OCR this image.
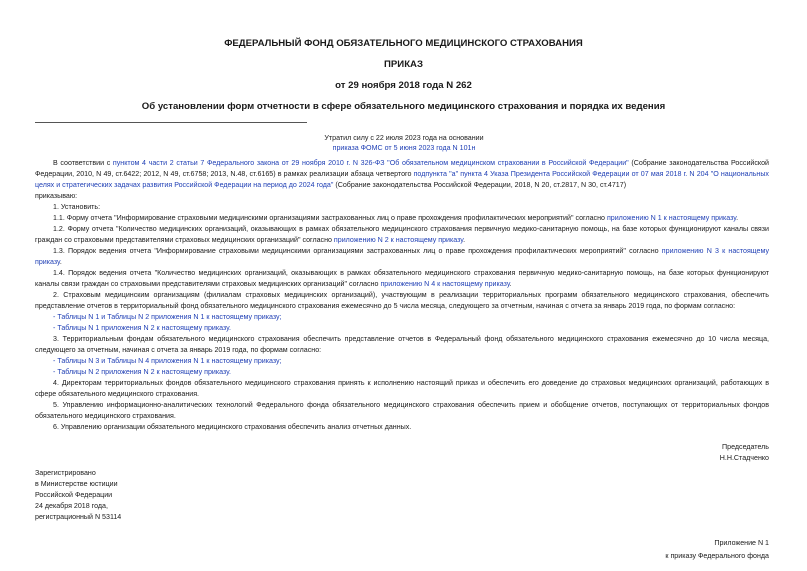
ФЕДЕРАЛЬНЫЙ ФОНД ОБЯЗАТЕЛЬНОГО МЕДИЦИНСКОГО СТРАХОВАНИЯ
ПРИКАЗ
от 29 ноября 2018 года N 262
Об установлении форм отчетности в сфере обязательного медицинского страхования и порядка их ведения
Утратил силу с 22 июля 2023 года на основании
приказа ФОМС от 5 июня 2023 года N 101н
В соответствии с пунктом 4 части 2 статьи 7 Федерального закона от 29 ноября 2010 г. N 326-ФЗ "Об обязательном медицинском страховании в Российской Федерации" (Собрание законодательства Российской Федерации, 2010, N 49, ст.6422; 2012, N 49, ст.6758; 2013, N.48, ст.6165) в рамках реализации абзаца четвертого подпункта "а" пункта 4 Указа Президента Российской Федерации от 07 мая 2018 г. N 204 "О национальных целях и стратегических задачах развития Российской Федерации на период до 2024 года" (Собрание законодательства Российской Федерации, 2018, N 20, ст.2817, N 30, ст.4717)
приказываю:
1. Установить:
1.1. Форму отчета "Информирование страховыми медицинскими организациями застрахованных лиц о праве прохождения профилактических мероприятий" согласно приложению N 1 к настоящему приказу.
1.2. Форму отчета "Количество медицинских организаций, оказывающих в рамках обязательного медицинского страхования первичную медико-санитарную помощь, на базе которых функционируют каналы связи граждан со страховыми представителями страховых медицинских организаций" согласно приложению N 2 к настоящему приказу.
1.3. Порядок ведения отчета "Информирование страховыми медицинскими организациями застрахованных лиц о праве прохождения профилактических мероприятий" согласно приложению N 3 к настоящему приказу.
1.4. Порядок ведения отчета "Количество медицинских организаций, оказывающих в рамках обязательного медицинского страхования первичную медико-санитарную помощь, на базе которых функционируют каналы связи граждан со страховыми представителями страховых медицинских организаций" согласно приложению N 4 к настоящему приказу.
2. Страховым медицинским организациям (филиалам страховых медицинских организаций), участвующим в реализации территориальных программ обязательного медицинского страхования, обеспечить представление отчетов в территориальный фонд обязательного медицинского страхования ежемесячно до 5 числа месяца, следующего за отчетным, начиная с отчета за январь 2019 года, по формам согласно:
- Таблицы N 1 и Таблицы N 2 приложения N 1 к настоящему приказу;
- Таблицы N 1 приложения N 2 к настоящему приказу.
3. Территориальным фондам обязательного медицинского страхования обеспечить представление отчетов в Федеральный фонд обязательного медицинского страхования ежемесячно до 10 числа месяца, следующего за отчетным, начиная с отчета за январь 2019 года, по формам согласно:
- Таблицы N 3 и Таблицы N 4 приложения N 1 к настоящему приказу;
- Таблицы N 2 приложения N 2 к настоящему приказу.
4. Директорам территориальных фондов обязательного медицинского страхования принять к исполнению настоящий приказ и обеспечить его доведение до страховых медицинских организаций, работающих в сфере обязательного медицинского страхования.
5. Управлению информационно-аналитических технологий Федерального фонда обязательного медицинского страхования обеспечить прием и обобщение отчетов, поступающих от территориальных фондов обязательного медицинского страхования.
6. Управлению организации обязательного медицинского страхования обеспечить анализ отчетных данных.
Председатель
Н.Н.Стадченко
Зарегистрировано
в Министерстве юстиции
Российской Федерации
24 декабря 2018 года,
регистрационный N 53114
Приложение N 1
к приказу Федерального фонда
